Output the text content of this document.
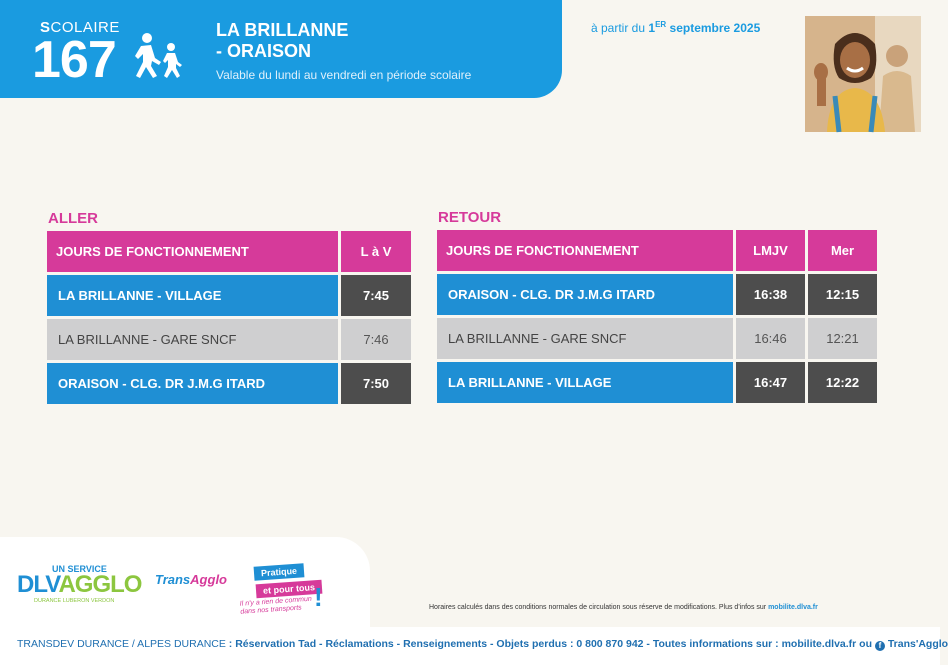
SCOLAIRE
167
LA BRILLANNE
- ORAISON
Valable du lundi au vendredi en période scolaire
à partir du 1ER septembre 2025
ALLER
JOURS DE FONCTIONNEMENT	L à V
LA BRILLANNE - VILLAGE	7:45
LA BRILLANNE - GARE SNCF	7:46
ORAISON - CLG. DR J.M.G ITARD	7:50
RETOUR
JOURS DE FONCTIONNEMENT	LMJV	Mer
ORAISON - CLG. DR J.M.G ITARD	16:38	12:15
LA BRILLANNE - GARE SNCF	16:46	12:21
LA BRILLANNE - VILLAGE	16:47	12:22
UN SERVICE
DLVAGGLO
DURANCE LUBERON VERDON
TransAgglo	Pratique
et pour tous
Il n'y a rien de commun dans nos transports !	Horaires calculés dans des conditions normales de circulation sous réserve de modifications. Plus d'infos sur mobilite.dlva.fr
TRANSDEV DURANCE / ALPES DURANCE : Réservation Tad - Réclamations - Renseignements - Objets perdus : 0 800 870 942 - Toutes informations sur : mobilite.dlva.fr ou f Trans'Agglo
